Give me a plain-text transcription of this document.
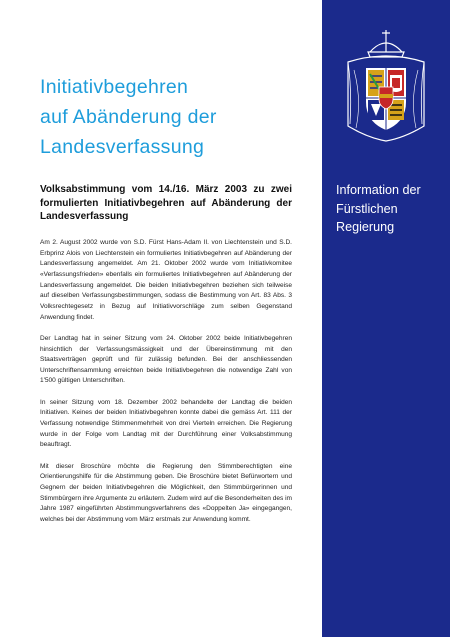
Initiativbegehren
auf Abänderung der
Landesverfassung
Volksabstimmung vom 14./16. März 2003 zu zwei formulierten Initiativbegehren auf Abänderung der Landesverfassung

Am 2. August 2002 wurde von S.D. Fürst Hans-Adam II. von Liechtenstein und S.D. Erbprinz Alois von Liechtenstein ein formuliertes Initiativbegehren auf Abänderung der Landesverfassung angemeldet. Am 21. Oktober 2002 wurde vom Initiativkomitee «Verfassungsfrieden» ebenfalls ein formuliertes Initiativbegehren auf Abänderung der Landesverfassung angemeldet. Die beiden Initiativbegehren beziehen sich teilweise auf dieselben Verfassungsbestimmungen, sodass die Bestimmung von Art. 83 Abs. 3 Volksrechtegesetz in Bezug auf Initiativvorschläge zum selben Gegenstand Anwendung findet.

Der Landtag hat in seiner Sitzung vom 24. Oktober 2002 beide Initiativbegehren hinsichtlich der Verfassungsmässigkeit und der Übereinstimmung mit den Staatsverträgen geprüft und für zulässig befunden. Bei der anschliessenden Unterschriftensammlung erreichten beide Initiativbegehren die notwendige Zahl von 1'500 gültigen Unterschriften.

In seiner Sitzung vom 18. Dezember 2002 behandelte der Landtag die beiden Initiativen. Keines der beiden Initiativbegehren konnte dabei die gemäss Art. 111 der Verfassung notwendige Stimmenmehrheit von drei Vierteln erreichen. Die Regierung wurde in der Folge vom Landtag mit der Durchführung einer Volksabstimmung beauftragt.

Mit dieser Broschüre möchte die Regierung den Stimmberechtigten eine Orientierungshilfe für die Abstimmung geben. Die Broschüre bietet Befürwortern und Gegnern der beiden Initiativbegehren die Möglichkeit, den Stimmbürgerinnen und Stimmbürgern ihre Argumente zu erläutern. Zudem wird auf die Besonderheiten des im Jahre 1987 eingeführten Abstimmungsverfahrens des «Doppelten Ja» eingegangen, welches bei der Abstimmung vom März erstmals zur Anwendung kommt.

Information der
Fürstlichen
Regierung
